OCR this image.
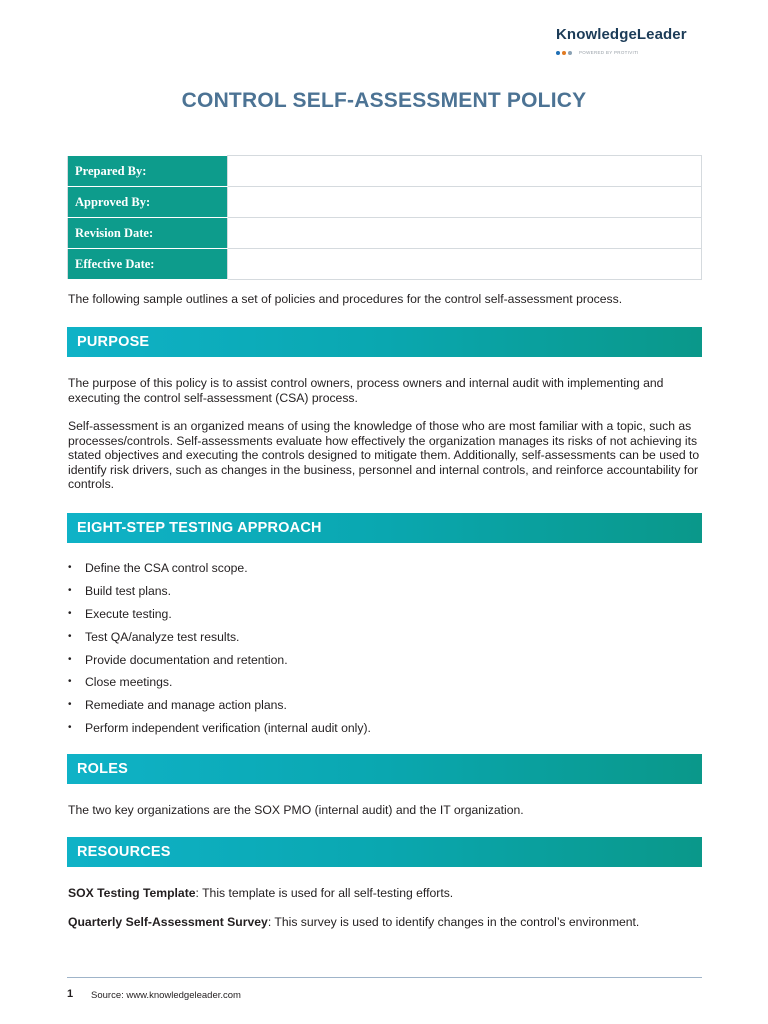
KnowledgeLeader
POWERED BY PROTIVITI
CONTROL SELF-ASSESSMENT POLICY
Prepared By:	
Approved By:	
Revision Date:	
Effective Date:	
The following sample outlines a set of policies and procedures for the control self-assessment process.
PURPOSE
The purpose of this policy is to assist control owners, process owners and internal audit with implementing and executing the control self-assessment (CSA) process.
Self-assessment is an organized means of using the knowledge of those who are most familiar with a topic, such as processes/controls. Self-assessments evaluate how effectively the organization manages its risks of not achieving its stated objectives and executing the controls designed to mitigate them. Additionally, self-assessments can be used to identify risk drivers, such as changes in the business, personnel and internal controls, and reinforce accountability for controls.
EIGHT-STEP TESTING APPROACH
• Define the CSA control scope.
• Build test plans.
• Execute testing.
• Test QA/analyze test results.
• Provide documentation and retention.
• Close meetings.
• Remediate and manage action plans.
• Perform independent verification (internal audit only).
ROLES
The two key organizations are the SOX PMO (internal audit) and the IT organization.
RESOURCES
SOX Testing Template: This template is used for all self-testing efforts.
Quarterly Self-Assessment Survey: This survey is used to identify changes in the control’s environment.
1 Source: www.knowledgeleader.com
